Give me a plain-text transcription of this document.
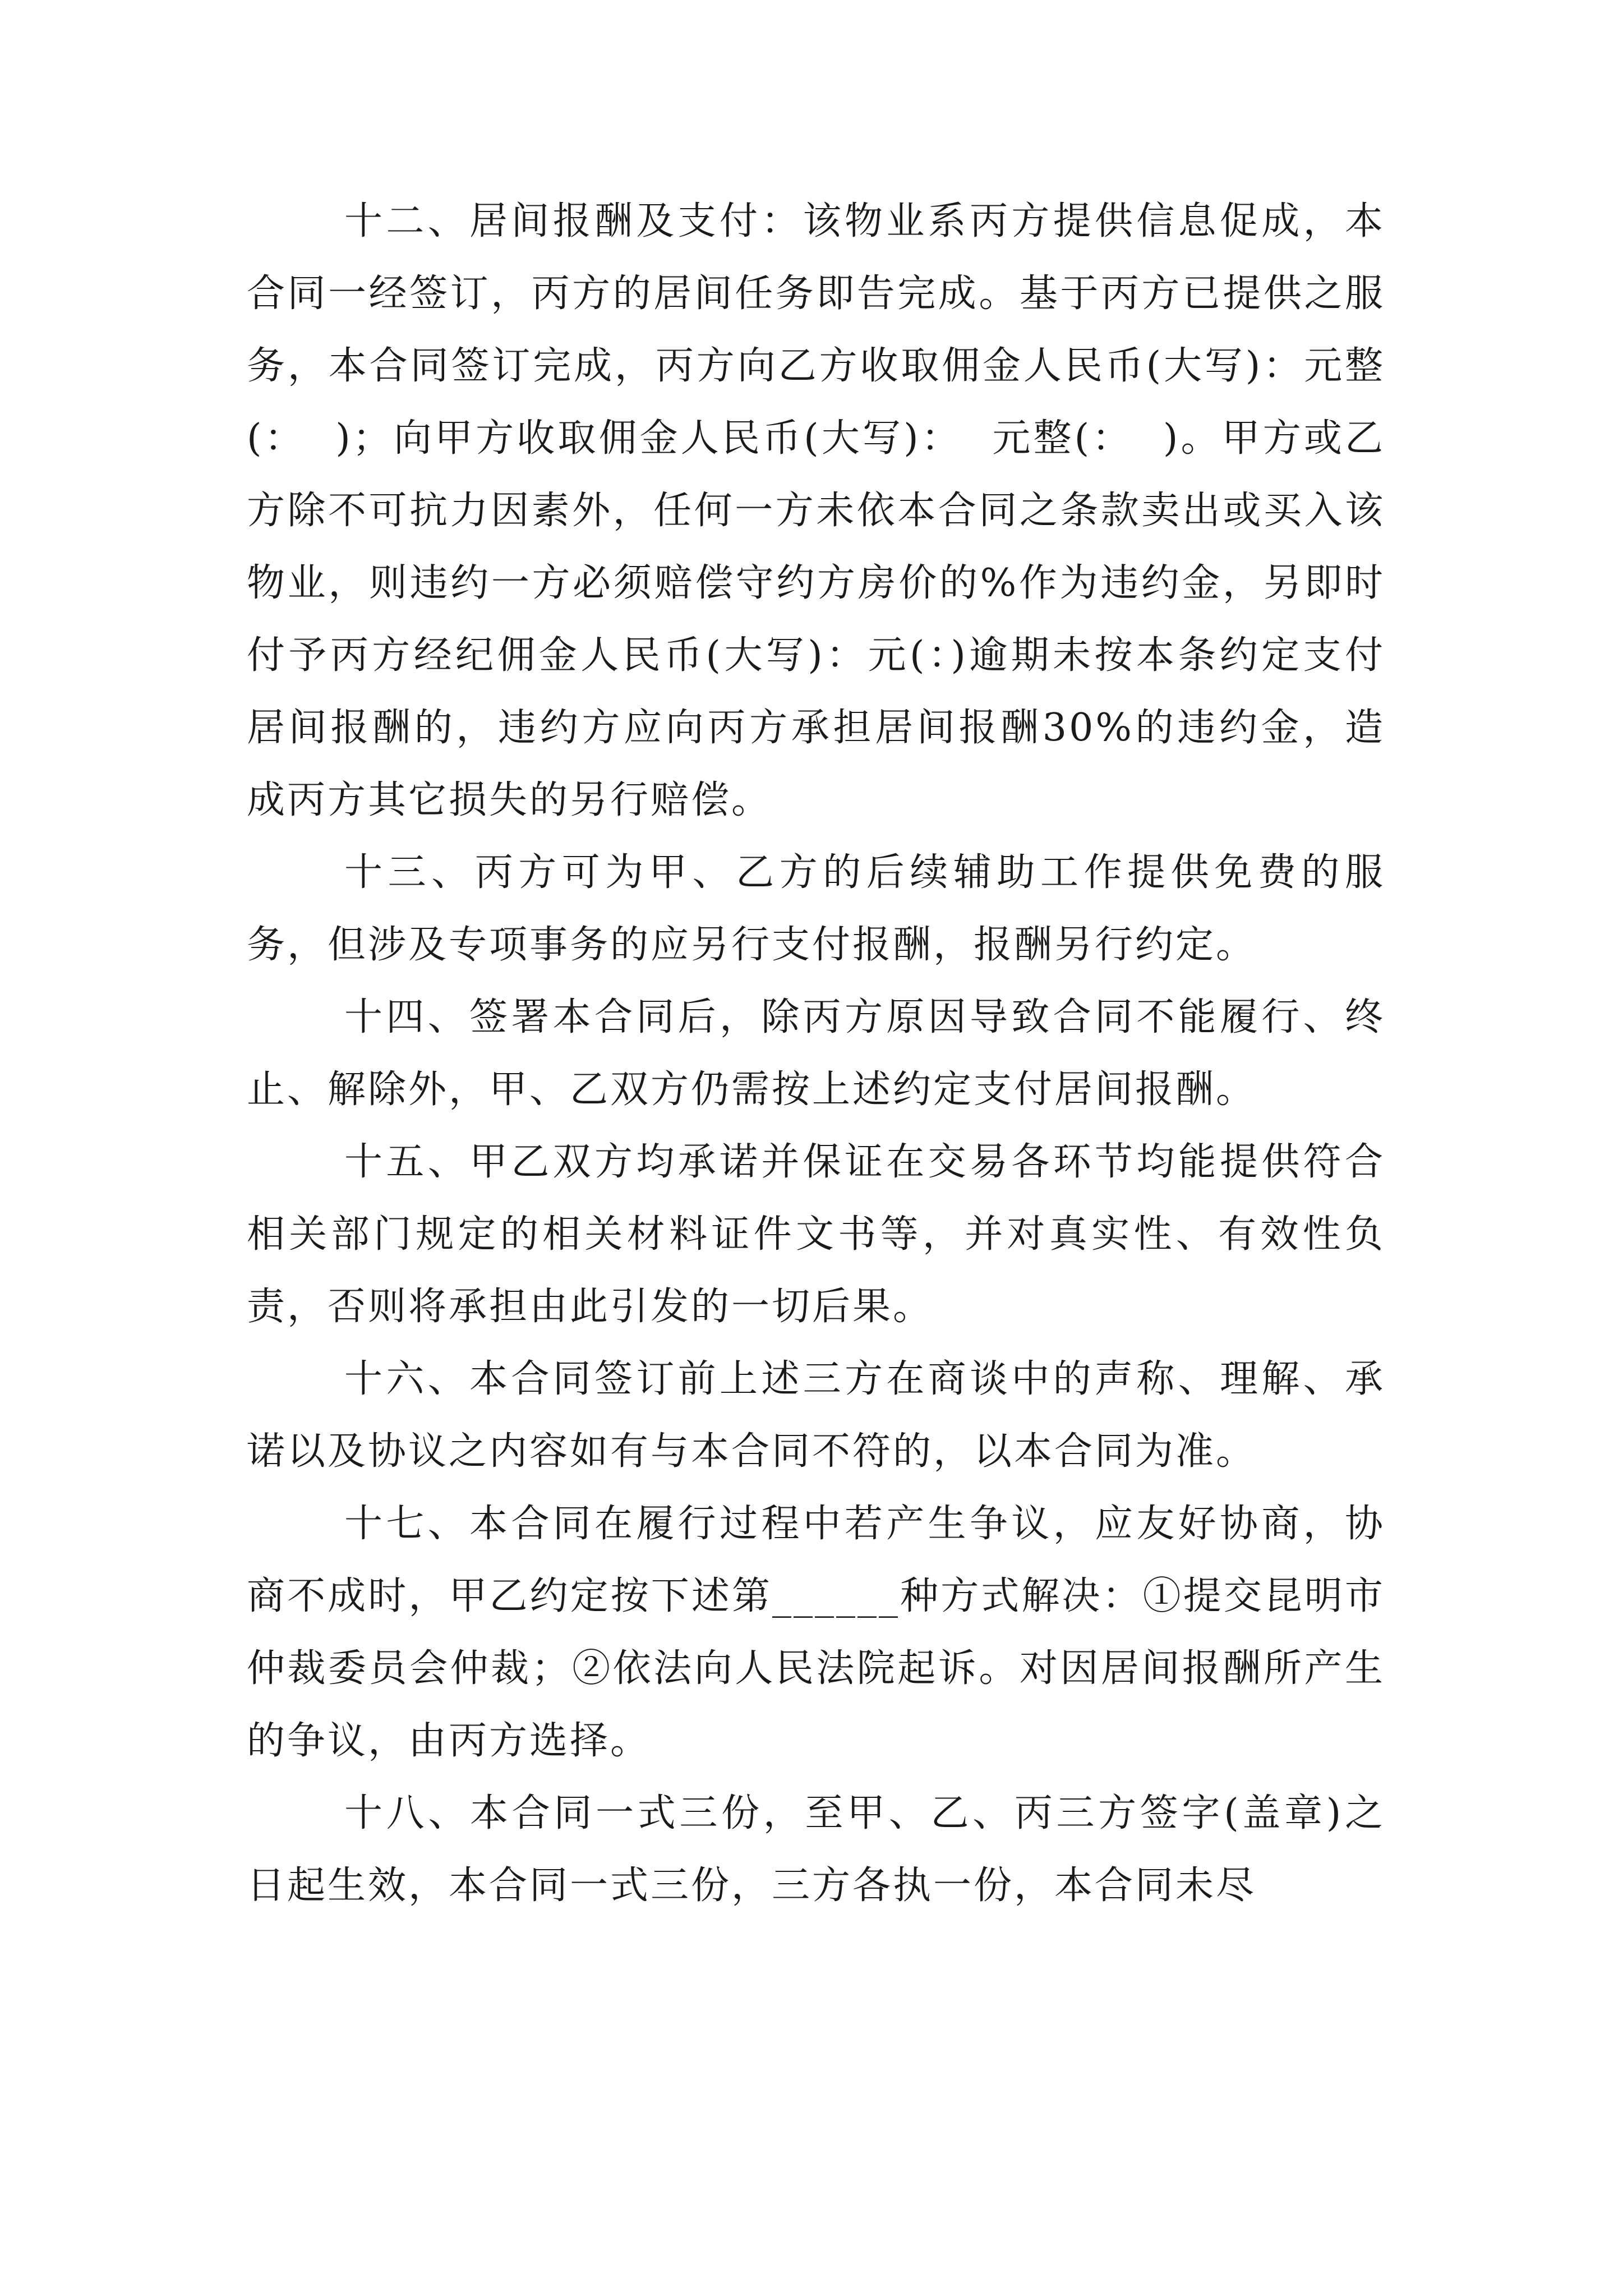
十二、居间报酬及支付：该物业系丙方提供信息促成，本合同一经签订，丙方的居间任务即告完成。基于丙方已提供之服务，本合同签订完成，丙方向乙方收取佣金人民币(大写)：元整(：  )；向甲方收取佣金人民币(大写)：  元整(：  )。甲方或乙方除不可抗力因素外，任何一方未依本合同之条款卖出或买入该物业，则违约一方必须赔偿守约方房价的%作为违约金，另即时付予丙方经纪佣金人民币(大写)：元(：)逾期未按本条约定支付居间报酬的，违约方应向丙方承担居间报酬30%的违约金，造成丙方其它损失的另行赔偿。

十三、丙方可为甲、乙方的后续辅助工作提供免费的服务，但涉及专项事务的应另行支付报酬，报酬另行约定。

十四、签署本合同后，除丙方原因导致合同不能履行、终止、解除外，甲、乙双方仍需按上述约定支付居间报酬。

十五、甲乙双方均承诺并保证在交易各环节均能提供符合相关部门规定的相关材料证件文书等，并对真实性、有效性负责，否则将承担由此引发的一切后果。

十六、本合同签订前上述三方在商谈中的声称、理解、承诺以及协议之内容如有与本合同不符的，以本合同为准。

十七、本合同在履行过程中若产生争议，应友好协商，协商不成时，甲乙约定按下述第______种方式解决：①提交昆明市仲裁委员会仲裁；②依法向人民法院起诉。对因居间报酬所产生的争议，由丙方选择。

十八、本合同一式三份，至甲、乙、丙三方签字(盖章)之日起生效，本合同一式三份，三方各执一份，本合同未尽
